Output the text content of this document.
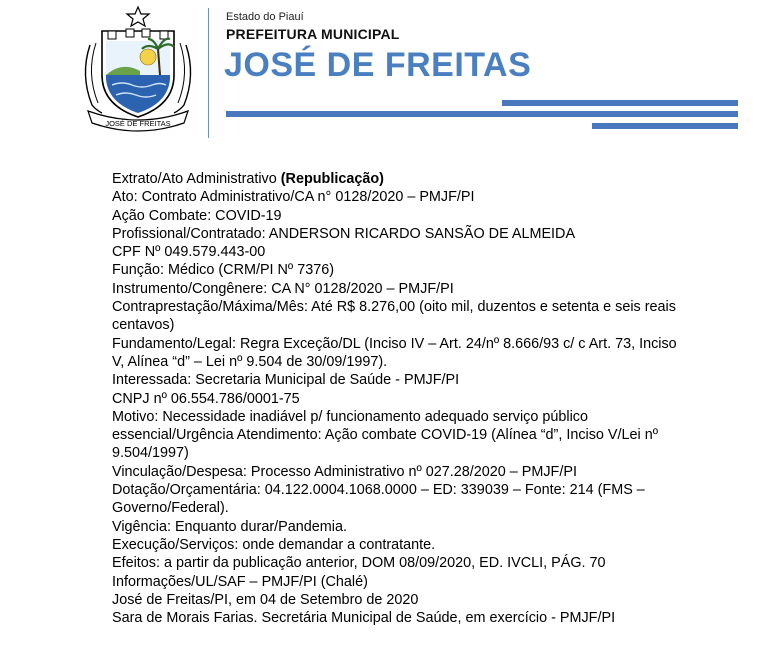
JOSÉ DE FREITAS
Estado do Piauí
PREFEITURA MUNICIPAL
JOSÉ DE FREITAS

Extrato/Ato Administrativo (Republicação)

Ato: Contrato Administrativo/CA n° 0128/2020 – PMJF/PI

Ação Combate: COVID-19

Profissional/Contratado: ANDERSON RICARDO SANSÃO DE ALMEIDA

CPF Nº 049.579.443-00

Função: Médico (CRM/PI Nº 7376)

Instrumento/Congênere: CA N° 0128/2020 – PMJF/PI

Contraprestação/Máxima/Mês: Até R$ 8.276,00 (oito mil, duzentos e setenta e seis reais centavos)

Fundamento/Legal: Regra Exceção/DL (Inciso IV – Art. 24/nº 8.666/93 c/ c Art. 73, Inciso V, Alínea “d” – Lei nº 9.504 de 30/09/1997).

Interessada: Secretaria Municipal de Saúde - PMJF/PI

CNPJ nº 06.554.786/0001-75

Motivo: Necessidade inadiável p/ funcionamento adequado serviço público essencial/Urgência Atendimento: Ação combate COVID-19 (Alínea “d”, Inciso V/Lei nº 9.504/1997)

Vinculação/Despesa: Processo Administrativo nº 027.28/2020 – PMJF/PI

Dotação/Orçamentária: 04.122.0004.1068.0000 – ED: 339039 – Fonte: 214 (FMS – Governo/Federal).

Vigência: Enquanto durar/Pandemia.

Execução/Serviços: onde demandar a contratante.

Efeitos: a partir da publicação anterior, DOM 08/09/2020, ED. IVCLI, PÁG. 70

Informações/UL/SAF – PMJF/PI (Chalé)

José de Freitas/PI, em 04 de Setembro de 2020

Sara de Morais Farias. Secretária Municipal de Saúde, em exercício - PMJF/PI
